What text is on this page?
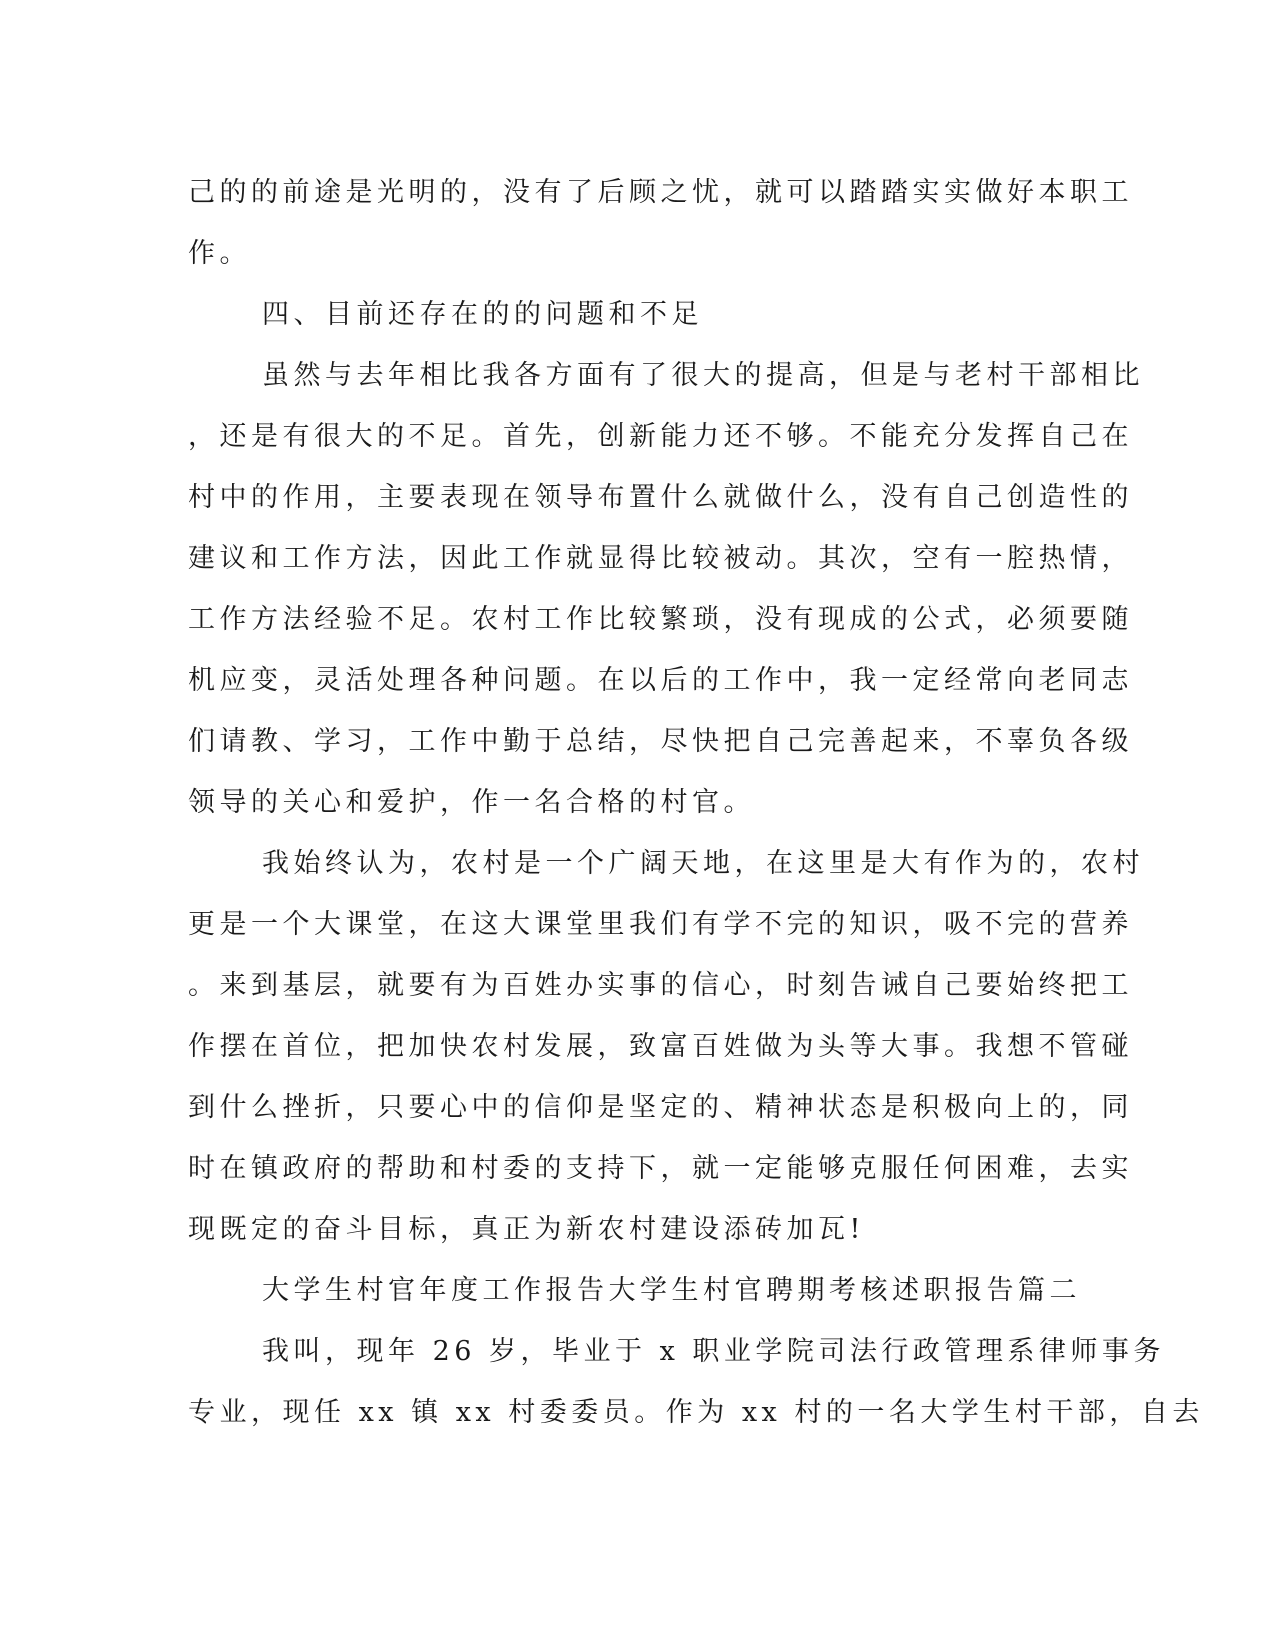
己的的前途是光明的，没有了后顾之忧，就可以踏踏实实做好本职工
作。
四、目前还存在的的问题和不足
虽然与去年相比我各方面有了很大的提高，但是与老村干部相比
，还是有很大的不足。首先，创新能力还不够。不能充分发挥自己在
村中的作用，主要表现在领导布置什么就做什么，没有自己创造性的
建议和工作方法，因此工作就显得比较被动。其次，空有一腔热情，
工作方法经验不足。农村工作比较繁琐，没有现成的公式，必须要随
机应变，灵活处理各种问题。在以后的工作中，我一定经常向老同志
们请教、学习，工作中勤于总结，尽快把自己完善起来，不辜负各级
领导的关心和爱护，作一名合格的村官。
我始终认为，农村是一个广阔天地，在这里是大有作为的，农村
更是一个大课堂，在这大课堂里我们有学不完的知识，吸不完的营养
。来到基层，就要有为百姓办实事的信心，时刻告诫自己要始终把工
作摆在首位，把加快农村发展，致富百姓做为头等大事。我想不管碰
到什么挫折，只要心中的信仰是坚定的、精神状态是积极向上的，同
时在镇政府的帮助和村委的支持下，就一定能够克服任何困难，去实
现既定的奋斗目标，真正为新农村建设添砖加瓦!
大学生村官年度工作报告大学生村官聘期考核述职报告篇二
我叫，现年 26 岁，毕业于 x 职业学院司法行政管理系律师事务
专业，现任 xx 镇 xx 村委委员。作为 xx 村的一名大学生村干部，自去
